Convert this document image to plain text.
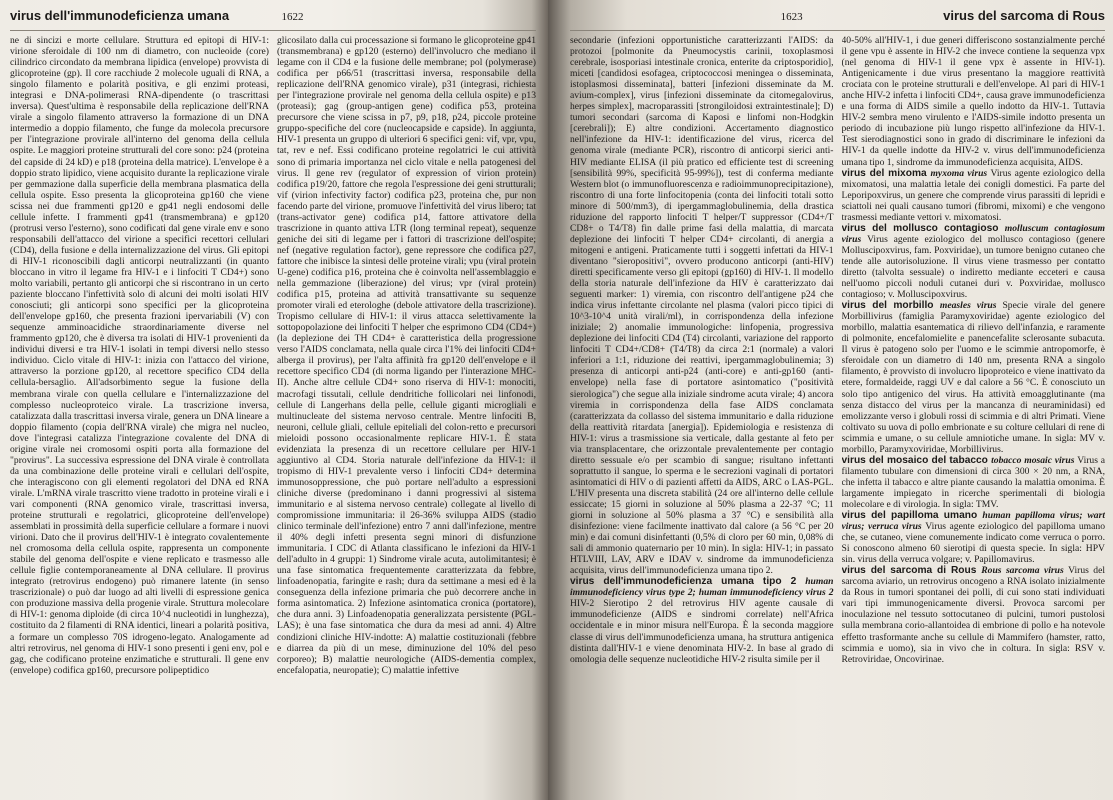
virus dell'immunodeficienza umana	1622

ne di sincizi e morte cellulare. Struttura ed epitopi di HIV-1: virione sferoidale di 100 nm di diametro, con nucleoide (core) cilindrico circondato da membrana lipidica (envelope) provvista di glicoproteine (gp). Il core racchiude 2 molecole uguali di RNA, a singolo filamento e polarità positiva, e gli enzimi proteasi, integrasi e DNA-polimerasi RNA-dipendente (o trascrittasi inversa). Quest'ultima è responsabile della replicazione dell'RNA virale a singolo filamento attraverso la formazione di un DNA intermedio a doppio filamento, che funge da molecola precursore per l'integrazione provirale all'interno del genoma della cellula ospite. Le maggiori proteine strutturali del core sono: p24 (proteina del capside di 24 kD) e p18 (proteina della matrice). L'envelope è a doppio strato lipidico, viene acquisito durante la replicazione virale per gemmazione dalla superficie della membrana plasmatica della cellula ospite. Esso presenta la glicoproteina gp160 che viene scissa nei due frammenti gp120 e gp41 negli endosomi delle cellule infette. I frammenti gp41 (transmembrana) e gp120 (protrusi verso l'esterno), sono codificati dal gene virale env e sono responsabili dell'attacco del virione a specifici recettori cellulari (CD4), della fusione e della internalizzazione del virus. Gli epitopi di HIV-1 riconoscibili dagli anticorpi neutralizzanti (in quanto bloccano in vitro il legame fra HIV-1 e i linfociti T CD4+) sono molto variabili, pertanto gli anticorpi che si riscontrano in un certo paziente bloccano l'infettività solo di alcuni dei molti isolati HIV conosciuti; gli anticorpi sono specifici per la glicoproteina dell'envelope gp160, che presenta frazioni ipervariabili (V) con sequenze amminoacidiche straordinariamente diverse nel frammento gp120, che è diversa tra isolati di HIV-1 provenienti da individui diversi e tra HIV-1 isolati in tempi diversi nello stesso individuo. Ciclo vitale di HIV-1: inizia con l'attacco del virione, attraverso la porzione gp120, al recettore specifico CD4 della cellula-bersaglio. All'adsorbimento segue la fusione della membrana virale con quella cellulare e l'internalizzazione del complesso nucleoproteico virale. La trascrizione inversa, catalizzata dalla trascrittasi inversa virale, genera un DNA lineare a doppio filamento (copia dell'RNA virale) che migra nel nucleo, dove l'integrasi catalizza l'integrazione covalente del DNA di origine virale nei cromosomi ospiti porta alla formazione del "provirus". La successiva espressione del DNA virale è controllata da una combinazione delle proteine virali e cellulari dell'ospite, che interagiscono con gli elementi regolatori del DNA ed RNA virale. L'mRNA virale trascritto viene tradotto in proteine virali e i vari componenti (RNA genomico virale, trascrittasi inversa, proteine strutturali e regolatrici, glicoproteine dell'envelope) assemblati in prossimità della superficie cellulare a formare i nuovi virioni. Dato che il provirus dell'HIV-1 è integrato covalentemente nel cromosoma della cellula ospite, rappresenta un componente stabile del genoma dell'ospite e viene replicato e trasmesso alle cellule figlie contemporaneamente al DNA cellulare. Il provirus integrato (retrovirus endogeno) può rimanere latente (in senso trascrizionale) o può dar luogo ad alti livelli di espressione genica con produzione massiva della progenie virale. Struttura molecolare di HIV-1: genoma diploide (di circa 10^4 nucleotidi in lunghezza), costituito da 2 filamenti di RNA identici, lineari a polarità positiva, a formare un complesso 70S idrogeno-legato. Analogamente ad altri retrovirus, nel genoma di HIV-1 sono presenti i geni env, pol e gag, che codificano proteine enzimatiche e strutturali. Il gene env (envelope) codifica gp160, precursore polipeptidico

glicosilato dalla cui processazione si formano le glicoproteine gp41 (transmembrana) e gp120 (esterno) dell'involucro che mediano il legame con il CD4 e la fusione delle membrane; pol (polymerase) codifica per p66/51 (trascrittasi inversa, responsabile della replicazione dell'RNA genomico virale), p31 (integrasi, richiesta per l'integrazione provirale nel genoma della cellula ospite) e p13 (proteasi); gag (group-antigen gene) codifica p53, proteina precursore che viene scissa in p7, p9, p18, p24, piccole proteine gruppo-specifiche del core (nucleocapside e capside). In aggiunta, HIV-1 presenta un gruppo di ulteriori 6 specifici geni: vif, vpr, vpu, tat, rev e nef. Essi codificano proteine regolatrici le cui attività sono di primaria importanza nel ciclo vitale e nella patogenesi del virus. Il gene rev (regulator of expression of virion protein) codifica p19/20, fattore che regola l'espressione dei geni strutturali; vif (virion infectivity factor) codifica p23, proteina che, pur non facendo parte del virione, promuove l'infettività del virus libero; tat (trans-activator gene) codifica p14, fattore attivatore della trascrizione in quanto attiva LTR (long terminal repeat), sequenze geniche dei siti di legame per i fattori di trascrizione dell'ospite; nef (negative regulation factor), gene repressore che codifica p27, fattore che inibisce la sintesi delle proteine virali; vpu (viral protein U-gene) codifica p16, proteina che è coinvolta nell'assemblaggio e nella gemmazione (liberazione) del virus; vpr (viral protein) codifica p15, proteina ad attività transattivante su sequenze promoter virali ed eterologhe (debole attivatore della trascrizione). Tropismo cellulare di HIV-1: il virus attacca selettivamente la sottopopolazione dei linfociti T helper che esprimono CD4 (CD4+) (la deplezione dei TH CD4+ è caratteristica della progressione verso l'AIDS conclamata, nella quale circa l'1% dei linfociti CD4+ alberga il provirus), per l'alta affinità fra gp120 dell'envelope e il recettore specifico CD4 (di norma ligando per l'interazione MHC-II). Anche altre cellule CD4+ sono riserva di HIV-1: monociti, macrofagi tissutali, cellule dendritiche follicolari nei linfonodi, cellule di Langerhans della pelle, cellule giganti microgliali e multinucleate del sistema nervoso centrale. Mentre linfociti B, neuroni, cellule gliali, cellule epiteliali del colon-retto e precursori mieloidi possono occasionalmente replicare HIV-1. È stata evidenziata la presenza di un recettore cellulare per HIV-1 aggiuntivo al CD4. Storia naturale dell'infezione da HIV-1: il tropismo di HIV-1 prevalente verso i linfociti CD4+ determina immunosoppressione, che può portare nell'adulto a espressioni cliniche diverse (predominano i danni progressivi al sistema immunitario e al sistema nervoso centrale) collegate al livello di compromissione immunitaria: il 26-36% sviluppa AIDS (stadio clinico terminale dell'infezione) entro 7 anni dall'infezione, mentre il 40% degli infetti presenta segni minori di disfunzione immunitaria. I CDC di Atlanta classificano le infezioni da HIV-1 dell'adulto in 4 gruppi: 1) Sindrome virale acuta, autolimitantesi; è una fase sintomatica frequentemente caratterizzata da febbre, linfoadenopatia, faringite e rash; dura da settimane a mesi ed è la conseguenza della infezione primaria che può decorrere anche in forma asintomatica. 2) Infezione asintomatica cronica (portatore), che dura anni. 3) Linfoadenopatia generalizzata persistente (PGL-LAS); è una fase sintomatica che dura da mesi ad anni. 4) Altre condizioni cliniche HIV-indotte: A) malattie costituzionali (febbre e diarrea da più di un mese, diminuzione del 10% del peso corporeo); B) malattie neurologiche (AIDS-dementia complex, encefalopatia, neuropatie); C) malattie infettive

1623	virus del sarcoma di Rous

secondarie (infezioni opportunistiche caratterizzanti l'AIDS: da protozoi [polmonite da Pneumocystis carinii, toxoplasmosi cerebrale, isosporiasi intestinale cronica, enterite da criptosporidio], miceti [candidosi esofagea, criptococcosi meningea o disseminata, istoplasmosi disseminata], batteri [infezioni disseminate da M. avium-complex], virus [infezioni disseminate da citomegalovirus, herpes simplex], macroparassiti [strongiloidosi extraintestinale]; D) tumori secondari (sarcoma di Kaposi e linfomi non-Hodgkin [cerebrali]); E) altre condizioni. Accertamento diagnostico nell'infezione da HIV-1: identificazione del virus, ricerca del genoma virale (mediante PCR), riscontro di anticorpi sierici anti-HIV mediante ELISA (il più pratico ed efficiente test di screening [sensibilità 99%, specificità 95-99%]), test di conferma mediante Western blot (o immunofluorescenza e radioimmunoprecipitazione), riscontro di una forte linfocitopenia (conta dei linfociti totali sotto minore di 500/mm3), di ipergammaglobulinemia, della drastica riduzione del rapporto linfociti T helper/T suppressor (CD4+/T CD8+ o T4/T8) fin dalle prime fasi della malattia, di marcata deplezione dei linfociti T helper CD4+ circolanti, di anergia a mitogeni e antigeni. Praticamente tutti i soggetti infettati da HIV-1 diventano "sieropositivi", ovvero producono anticorpi (anti-HIV) diretti specificamente verso gli epitopi (gp160) di HIV-1. Il modello della storia naturale dell'infezione da HIV è caratterizzato dai seguenti marker: 1) viremia, con riscontro dell'antigene p24 che indica virus infettante circolante nel plasma (valori picco tipici di 10^3-10^4 unità virali/ml), in corrispondenza della infezione iniziale; 2) anomalie immunologiche: linfopenia, progressiva deplezione dei linfociti CD4 (T4) circolanti, variazione del rapporto linfociti T CD4+/CD8+ (T4/T8) da circa 2:1 (normale) a valori inferiori a 1:1, riduzione dei reattivi, ipergammaglobulinemia; 3) presenza di anticorpi anti-p24 (anti-core) e anti-gp160 (anti-envelope) nella fase di portatore asintomatico ("positività sierologica") che segue alla iniziale sindrome acuta virale; 4) ancora viremia in corrispondenza della fase AIDS conclamata (caratterizzata da collasso del sistema immunitario e dalla riduzione della reattività ritardata [anergia]). Epidemiologia e resistenza di HIV-1: virus a trasmissione sia verticale, dalla gestante al feto per via transplacentare, che orizzontale prevalentemente per contagio diretto sessuale e/o per scambio di sangue; risultano infettanti soprattutto il sangue, lo sperma e le secrezioni vaginali di portatori asintomatici di HIV o di pazienti affetti da AIDS, ARC o LAS-PGL. L'HIV presenta una discreta stabilità (24 ore all'interno delle cellule essiccate; 15 giorni in soluzione al 50% plasma a 22-37 °C; 11 giorni in soluzione al 50% plasma a 37 °C) e sensibilità alla disinfezione: viene facilmente inattivato dal calore (a 56 °C per 20 min) e dai comuni disinfettanti (0,5% di cloro per 60 min, 0,08% di sali di ammonio quaternario per 10 min). In sigla: HIV-1; in passato HTLVIII, LAV, ARV e IDAV v. sindrome da immunodeficienza acquisita, virus dell'immunodeficienza umana tipo 2.

virus dell'immunodeficienza umana tipo 2 human immunodeficiency virus type 2; human immunodeficiency virus 2 HIV-2 Sierotipo 2 del retrovirus HIV agente causale di immunodeficienze (AIDS e sindromi correlate) nell'Africa occidentale e in minor misura nell'Europa. È la seconda maggiore classe di virus dell'immunodeficienza umana, ha struttura antigenica distinta dall'HIV-1 e viene denominata HIV-2. In base al grado di omologia delle sequenze nucleotidiche HIV-2 risulta simile per il

40-50% all'HIV-1, i due generi differiscono sostanzialmente perché il gene vpu è assente in HIV-2 che invece contiene la sequenza vpx (nel genoma di HIV-1 il gene vpx è assente in HIV-1). Antigenicamente i due virus presentano la maggiore reattività crociata con le proteine strutturali e dell'envelope. Al pari di HIV-1 anche HIV-2 infetta i linfociti CD4+, causa grave immunodeficienza e una forma di AIDS simile a quello indotto da HIV-1. Tuttavia HIV-2 sembra meno virulento e l'AIDS-simile indotto presenta un periodo di incubazione più lungo rispetto all'infezione da HIV-1. Test sierodiagnostici sono in grado di discriminare le infezioni da HIV-1 da quelle indotte da HIV-2 v. virus dell'immunodeficienza umana tipo 1, sindrome da immunodeficienza acquisita, AIDS.

virus del mixoma myxoma virus Virus agente eziologico della mixomatosi, una malattia letale dei conigli domestici. Fa parte del Leporipoxvirus, un genere che comprende virus parassiti di lepridi e sciattoli nei quali causano tumori (fibromi, mixomi) e che vengono trasmessi mediante vettori v. mixomatosi.

virus del mollusco contagioso molluscum contagiosum virus Virus agente eziologico del mollusco contagioso (genere Molluscipoxvirus, fam. Poxviridae), un tumore benigno cutaneo che tende alle autorisoluzione. Il virus viene trasmesso per contatto diretto (talvolta sessuale) o indiretto mediante ecceteri e causa nell'uomo piccoli noduli cutanei duri v. Poxviridae, mollusco contagioso; v. Molluscipoxvirus.

virus del morbillo measles virus Specie virale del genere Morbillivirus (famiglia Paramyxoviridae) agente eziologico del morbillo, malattia esantematica di rilievo dell'infanzia, e raramente di polmonite, encefalomielite e panencefalite sclerosante subacuta. Il virus è patogeno solo per l'uomo e le scimmie antropomorfe, è sferoidale con un diametro di 140 nm, presenta RNA a singolo filamento, è provvisto di involucro lipoproteico e viene inattivato da etere, formaldeide, raggi UV e dal calore a 56 °C. È conosciuto un solo tipo antigenico del virus. Ha attività emoagglutinante (ma senza distacco del virus per la mancanza di neuraminidasi) ed emolizzante verso i globuli rossi di scimmia e di altri Primati. Viene coltivato su uova di pollo embrionate e su colture cellulari di rene di scimmia e umane, o su cellule amniotiche umane. In sigla: MV v. morbillo, Paramyxoviridae, Morbillivirus.

virus del mosaico del tabacco tobacco mosaic virus Virus a filamento tubulare con dimensioni di circa 300 × 20 nm, a RNA, che infetta il tabacco e altre piante causando la malattia omonima. È largamente impiegato in ricerche sperimentali di biologia molecolare e di virologia. In sigla: TMV.

virus del papilloma umano human papilloma virus; wart virus; verruca virus Virus agente eziologico del papilloma umano che, se cutaneo, viene comunemente indicato come verruca o porro. Si conoscono almeno 60 sierotipi di questa specie. In sigla: HPV sin. virus della verruca volgare; v. Papillomavirus.

virus del sarcoma di Rous Rous sarcoma virus Virus del sarcoma aviario, un retrovirus oncogeno a RNA isolato inizialmente da Rous in tumori spontanei dei polli, di cui sono stati individuati vari tipi immunogenicamente diversi. Provoca sarcomi per inoculazione nel tessuto sottocutaneo di pulcini, tumori pustolosi sulla membrana corio-allantoidea di embrione di pollo e ha notevole effetto trasformante anche su cellule di Mammifero (hamster, ratto, scimmia e uomo), sia in vivo che in coltura. In sigla: RSV v. Retroviridae, Oncovirinae.
